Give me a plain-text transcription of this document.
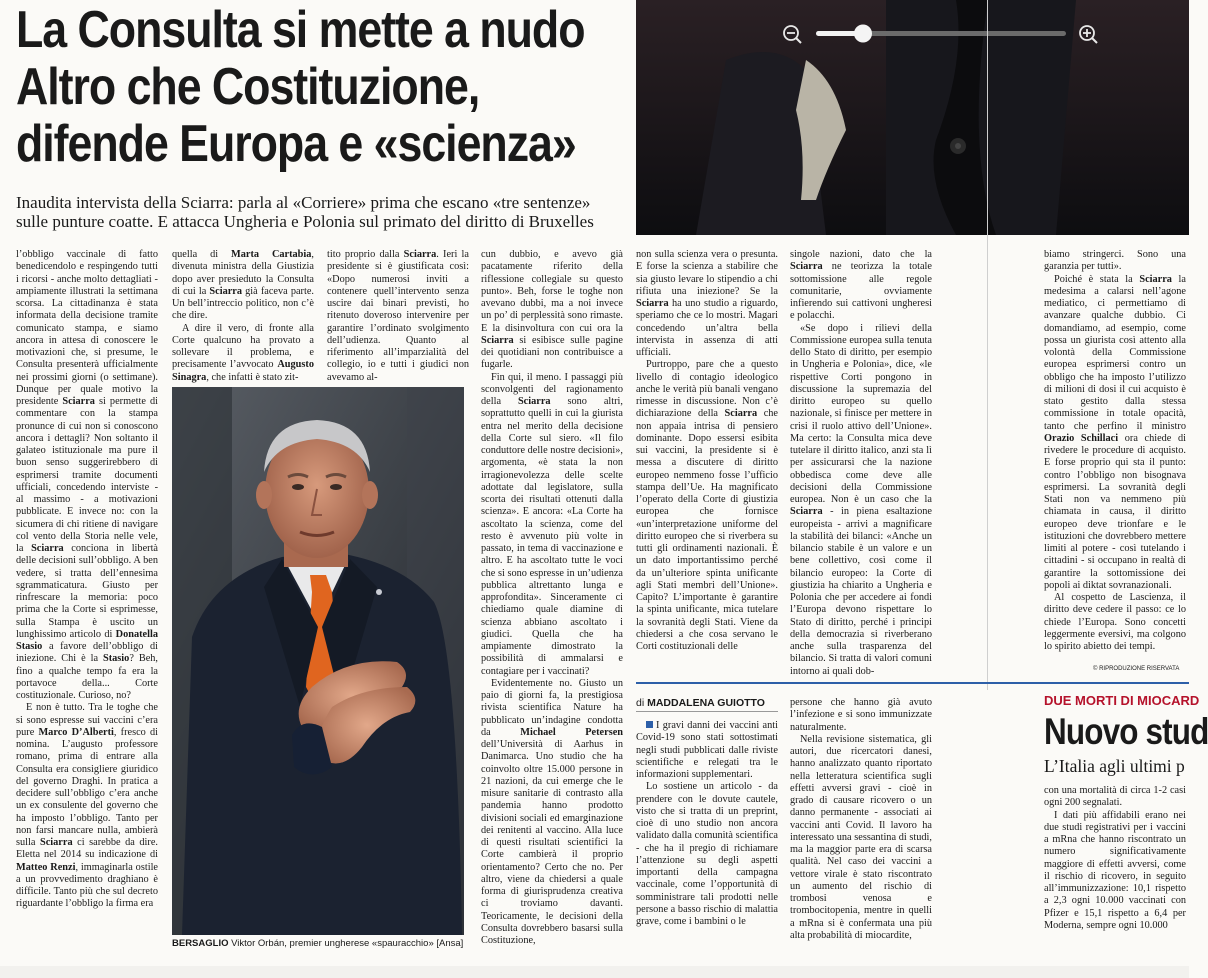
La Consulta si mette a nudo
Altro che Costituzione,
difende Europa e «scienza»
Inaudita intervista della Sciarra: parla al «Corriere» prima che escano «tre sentenze»
sulle punture coatte. E attacca Ungheria e Polonia sul primato del diritto di Bruxelles

l’obbligo vaccinale di fatto benedicendolo e respingendo tutti i ricorsi - anche molto dettagliati - ampiamente illustrati la settimana scorsa. La cittadinanza è stata informata della decisione tramite comunicato stampa, e siamo ancora in attesa di conoscere le motivazioni che, si presume, le Consulta presenterà ufficialmente nei prossimi giorni (o settimane). Dunque per quale motivo la presidente Sciarra si permette di commentare con la stampa pronunce di cui non si conoscono ancora i dettagli? Non soltanto il galateo istituzionale ma pure il buon senso suggerirebbero di esprimersi tramite documenti ufficiali, concedendo interviste - al massimo - a motivazioni pubblicate. E invece no: con la sicumera di chi ritiene di navigare col vento della Storia nelle vele, la Sciarra conciona in libertà delle decisioni sull’obbligo. A ben vedere, si tratta dell’ennesima sgrammaticatura. Giusto per rinfrescare la memoria: poco prima che la Corte si esprimesse, sulla Stampa è uscito un lunghissimo articolo di Donatella Stasio a favore dell’obbligo di iniezione. Chi è la Stasio? Beh, fino a qualche tempo fa era la portavoce della... Corte costituzionale. Curioso, no?

E non è tutto. Tra le toghe che si sono espresse sui vaccini c’era pure Marco D’Alberti, fresco di nomina. L’augusto professore romano, prima di entrare alla Consulta era consigliere giuridico del governo Draghi. In pratica a decidere sull’obbligo c’era anche un ex consulente del governo che ha imposto l’obbligo. Tanto per non farsi mancare nulla, ambierà sulla Sciarra ci sarebbe da dire. Eletta nel 2014 su indicazione di Matteo Renzi, immaginarla ostile a un provvedimento draghiano è difficile. Tanto più che sul decreto riguardante l’obbligo la firma era

quella di Marta Cartabia, divenuta ministra della Giustizia dopo aver presieduto la Consulta di cui la Sciarra già faceva parte. Un bell’intreccio politico, non c’è che dire.

A dire il vero, di fronte alla Corte qualcuno ha provato a sollevare il problema, e precisamente l’avvocato Augusto Sinagra, che infatti è stato zit-

tito proprio dalla Sciarra. Ieri la presidente si è giustificata così: «Dopo numerosi inviti a contenere quell’intervento senza uscire dai binari previsti, ho ritenuto doveroso intervenire per garantire l’ordinato svolgimento dell’udienza. Quanto al riferimento all’imparzialità del collegio, io e tutti i giudici non avevamo al-

BERSAGLIO Viktor Orbán, premier ungherese «spauracchio» [Ansa]

cun dubbio, e avevo già pacatamente riferito della riflessione collegiale su questo punto». Beh, forse le toghe non avevano dubbi, ma a noi invece un po’ di perplessità sono rimaste. E la disinvoltura con cui ora la Sciarra si esibisce sulle pagine dei quotidiani non contribuisce a fugarle.

Fin qui, il meno. I passaggi più sconvolgenti del ragionamento della Sciarra sono altri, soprattutto quelli in cui la giurista entra nel merito della decisione della Corte sul siero. «Il filo conduttore delle nostre decisioni», argomenta, «è stata la non irragionevolezza delle scelte adottate dal legislatore, sulla scorta dei risultati ottenuti dalla scienza». E ancora: «La Corte ha ascoltato la scienza, come del resto è avvenuto più volte in passato, in tema di vaccinazione e altro. E ha ascoltato tutte le voci che si sono espresse in un’udienza pubblica altrettanto lunga e approfondita». Sinceramente ci chiediamo quale diamine di scienza abbiano ascoltato i giudici. Quella che ha ampiamente dimostrato la possibilità di ammalarsi e contagiare per i vaccinati?

Evidentemente no. Giusto un paio di giorni fa, la prestigiosa rivista scientifica Nature ha pubblicato un’indagine condotta da Michael Petersen dell’Università di Aarhus in Danimarca. Uno studio che ha coinvolto oltre 15.000 persone in 21 nazioni, da cui emerge che le misure sanitarie di contrasto alla pandemia hanno prodotto divisioni sociali ed emarginazione dei renitenti al vaccino. Alla luce di questi risultati scientifici la Corte cambierà il proprio orientamento? Certo che no. Per altro, viene da chiedersi a quale forma di giurisprudenza creativa ci troviamo davanti. Teoricamente, le decisioni della Consulta dovrebbero basarsi sulla Costituzione,

non sulla scienza vera o presunta. E forse la scienza a stabilire che sia giusto levare lo stipendio a chi rifiuta una iniezione? Se la Sciarra ha uno studio a riguardo, speriamo che ce lo mostri. Magari concedendo un’altra bella intervista in assenza di atti ufficiali.

Purtroppo, pare che a questo livello di contagio ideologico anche le verità più banali vengano rimesse in discussione. Non c’è dichiarazione della Sciarra che non appaia intrisa di pensiero dominante. Dopo essersi esibita sui vaccini, la presidente si è messa a discutere di diritto europeo nemmeno fosse l’ufficio stampa dell’Ue. Ha magnificato l’operato della Corte di giustizia europea che fornisce «un’interpretazione uniforme del diritto europeo che si riverbera su tutti gli ordinamenti nazionali. È un dato importantissimo perché da un’ulteriore spinta unificante agli Stati membri dell’Unione». Capito? L’importante è garantire la spinta unificante, mica tutelare la sovranità degli Stati. Viene da chiedersi a che cosa servano le Corti costituzionali delle

singole nazioni, dato che la Sciarra ne teorizza la totale sottomissione alle regole comunitarie, ovviamente infierendo sui cattivoni ungheresi e polacchi.

«Se dopo i rilievi della Commissione europea sulla tenuta dello Stato di diritto, per esempio in Ungheria e Polonia», dice, «le rispettive Corti pongono in discussione la supremazia del diritto europeo su quello nazionale, si finisce per mettere in crisi il ruolo attivo dell’Unione». Ma certo: la Consulta mica deve tutelare il diritto italico, anzi sta lì per assicurarsi che la nazione obbedisca come deve alle decisioni della Commissione europea. Non è un caso che la Sciarra - in piena esaltazione europeista - arrivi a magnificare la stabilità dei bilanci: «Anche un bilancio stabile è un valore e un bene collettivo, così come il bilancio europeo: la Corte di giustizia ha chiarito a Ungheria e Polonia che per accedere ai fondi l’Europa devono rispettare lo Stato di diritto, perché i principi della democrazia si riverberano anche sulla trasparenza del bilancio. Si tratta di valori comuni intorno ai quali dob-

biamo stringerci. Sono una garanzia per tutti».

Poiché è stata la Sciarra la medesima a calarsi nell’agone mediatico, ci permettiamo di avanzare qualche dubbio. Ci domandiamo, ad esempio, come possa un giurista così attento alla volontà della Commissione europea esprimersi contro un obbligo che ha imposto l’utilizzo di milioni di dosi il cui acquisto è stato gestito dalla stessa commissione in totale opacità, tanto che perfino il ministro Orazio Schillaci ora chiede di rivedere le procedure di acquisto. E forse proprio qui sta il punto: contro l’obbligo non bisognava esprimersi. La sovranità degli Stati non va nemmeno più chiamata in causa, il diritto europeo deve trionfare e le istituzioni che dovrebbero mettere limiti al potere - così tutelando i cittadini - si occupano in realtà di garantire la sottomissione dei popoli ai diktat sovranazionali.

Al cospetto de Lascienza, il diritto deve cedere il passo: ce lo chiede l’Europa. Sono concetti leggermente eversivi, ma colgono lo spirito abietto dei tempi.

© RIPRODUZIONE RISERVATA
di MADDALENA GUIOTTO

I gravi danni dei vaccini anti Covid-19 sono stati sottostimati negli studi pubblicati dalle riviste scientifiche e relegati tra le informazioni supplementari.

Lo sostiene un articolo - da prendere con le dovute cautele, visto che si tratta di un preprint, cioè di uno studio non ancora validato dalla comunità scientifica - che ha il pregio di richiamare l’attenzione su degli aspetti importanti della campagna vaccinale, come l’opportunità di somministrare tali prodotti nelle persone a basso rischio di malattia grave, come i bambini o le

persone che hanno già avuto l’infezione e si sono immunizzate naturalmente.

Nella revisione sistematica, gli autori, due ricercatori danesi, hanno analizzato quanto riportato nella letteratura scientifica sugli effetti avversi gravi - cioè in grado di causare ricovero o un danno permanente - associati ai vaccini anti Covid. Il lavoro ha interessato una sessantina di studi, ma la maggior parte era di scarsa qualità. Nel caso dei vaccini a vettore virale è stato riscontrato un aumento del rischio di trombosi venosa e trombocitopenia, mentre in quelli a mRna si è confermata una più alta probabilità di miocardite,

DUE MORTI DI MIOCARD
Nuovo stud
L’Italia agli ultimi p

con una mortalità di circa 1-2 casi ogni 200 segnalati.

I dati più affidabili erano nei due studi registrativi per i vaccini a mRna che hanno riscontrato un numero significativamente maggiore di effetti avversi, come il rischio di ricovero, in seguito all’immunizzazione: 10,1 rispetto a 2,3 ogni 10.000 vaccinati con Pfizer e 15,1 rispetto a 6,4 per Moderna, sempre ogni 10.000
